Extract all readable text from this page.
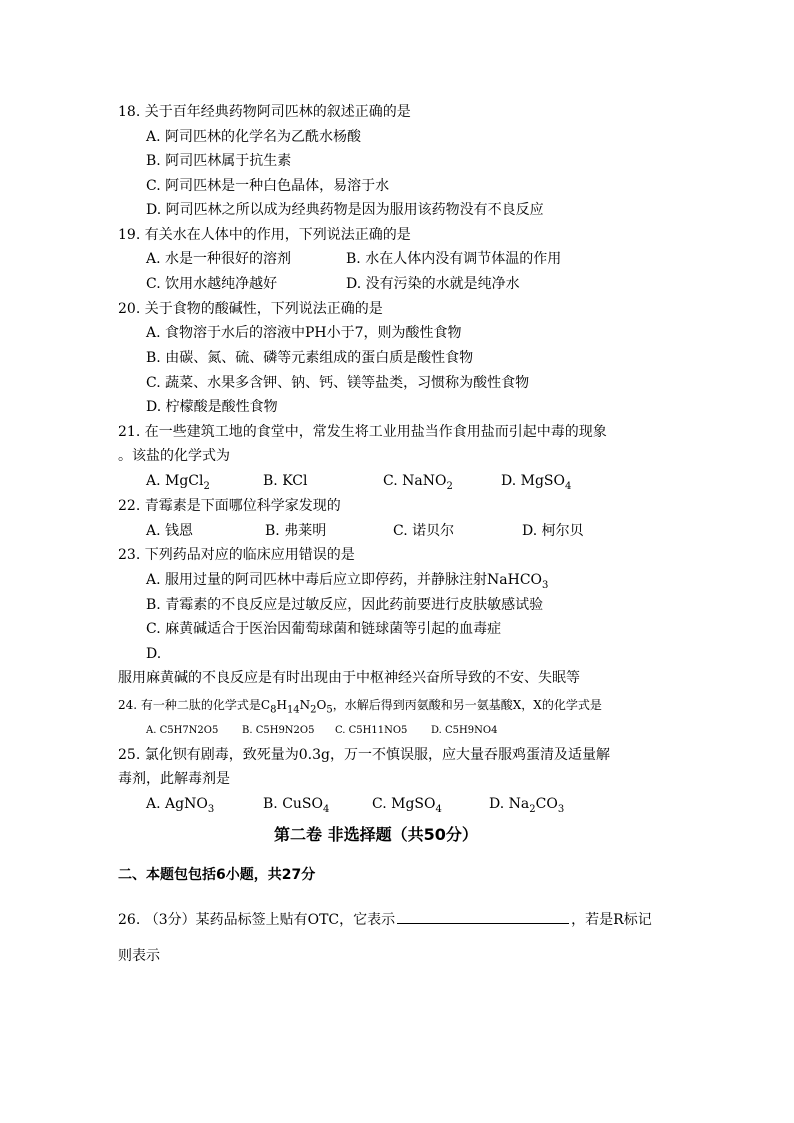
18. 关于百年经典药物阿司匹林的叙述正确的是
A. 阿司匹林的化学名为乙酰水杨酸
B. 阿司匹林属于抗生素
C. 阿司匹林是一种白色晶体，易溶于水
D. 阿司匹林之所以成为经典药物是因为服用该药物没有不良反应
19. 有关水在人体中的作用，下列说法正确的是
A. 水是一种很好的溶剂	B. 水在人体内没有调节体温的作用
C. 饮用水越纯净越好	D. 没有污染的水就是纯净水
20. 关于食物的酸碱性，下列说法正确的是
A. 食物溶于水后的溶液中PH小于7，则为酸性食物
B. 由碳、氮、硫、磷等元素组成的蛋白质是酸性食物
C. 蔬菜、水果多含钾、钠、钙、镁等盐类，习惯称为酸性食物
D. 柠檬酸是酸性食物
21. 在一些建筑工地的食堂中，常发生将工业用盐当作食用盐而引起中毒的现象
。该盐的化学式为
A. MgCl$_2$	B. KCl	C. NaNO$_2$	D. MgSO$_4$
22. 青霉素是下面哪位科学家发现的
A. 钱恩	B. 弗莱明	C. 诺贝尔	D. 柯尔贝
23. 下列药品对应的临床应用错误的是
A. 服用过量的阿司匹林中毒后应立即停药，并静脉注射NaHCO$_3$
B. 青霉素的不良反应是过敏反应，因此药前要进行皮肤敏感试验
C. 麻黄碱适合于医治因葡萄球菌和链球菌等引起的血毒症
D.
服用麻黄碱的不良反应是有时出现由于中枢神经兴奋所导致的不安、失眠等
24. 有一种二肽的化学式是$C_8H_{14}N_2O_5$，水解后得到丙氨酸和另一氨基酸X，X的化学式是
A. C5H7N2O5 B. C5H9N2O5 C. C5H11NO5 D. C5H9NO4
25. 氯化钡有剧毒，致死量为0.3g，万一不慎误服，应大量吞服鸡蛋清及适量解
毒剂，此解毒剂是
A. AgNO$_3$	B. CuSO$_4$	C. MgSO$_4$	D. $Na_2CO_3$
第二卷 非选择题（共50分）
二、本题包包括6小题，共27分
26. （3分）某药品标签上贴有OTC，它表示	，若是R标记
则表示
